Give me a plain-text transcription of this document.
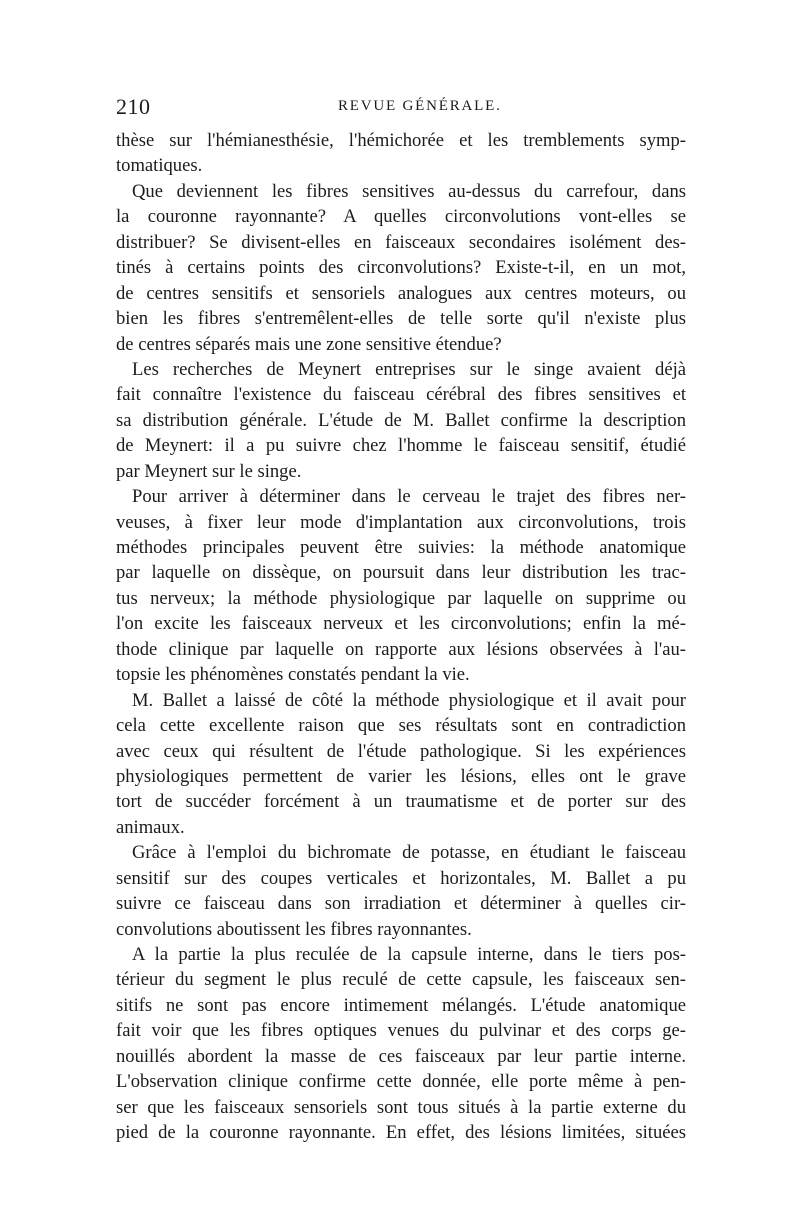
210	REVUE GÉNÉRALE.
thèse sur l'hémianesthésie, l'hémichorée et les tremblements symp-
tomatiques.
Que deviennent les fibres sensitives au-dessus du carrefour, dans
la couronne rayonnante? A quelles circonvolutions vont-elles se
distribuer? Se divisent-elles en faisceaux secondaires isolément des-
tinés à certains points des circonvolutions? Existe-t-il, en un mot,
de centres sensitifs et sensoriels analogues aux centres moteurs, ou
bien les fibres s'entremêlent-elles de telle sorte qu'il n'existe plus
de centres séparés mais une zone sensitive étendue?
Les recherches de Meynert entreprises sur le singe avaient déjà
fait connaître l'existence du faisceau cérébral des fibres sensitives et
sa distribution générale. L'étude de M. Ballet confirme la description
de Meynert: il a pu suivre chez l'homme le faisceau sensitif, étudié
par Meynert sur le singe.
Pour arriver à déterminer dans le cerveau le trajet des fibres ner-
veuses, à fixer leur mode d'implantation aux circonvolutions, trois
méthodes principales peuvent être suivies: la méthode anatomique
par laquelle on dissèque, on poursuit dans leur distribution les trac-
tus nerveux; la méthode physiologique par laquelle on supprime ou
l'on excite les faisceaux nerveux et les circonvolutions; enfin la mé-
thode clinique par laquelle on rapporte aux lésions observées à l'au-
topsie les phénomènes constatés pendant la vie.
M. Ballet a laissé de côté la méthode physiologique et il avait pour
cela cette excellente raison que ses résultats sont en contradiction
avec ceux qui résultent de l'étude pathologique. Si les expériences
physiologiques permettent de varier les lésions, elles ont le grave
tort de succéder forcément à un traumatisme et de porter sur des
animaux.
Grâce à l'emploi du bichromate de potasse, en étudiant le faisceau
sensitif sur des coupes verticales et horizontales, M. Ballet a pu
suivre ce faisceau dans son irradiation et déterminer à quelles cir-
convolutions aboutissent les fibres rayonnantes.
A la partie la plus reculée de la capsule interne, dans le tiers pos-
térieur du segment le plus reculé de cette capsule, les faisceaux sen-
sitifs ne sont pas encore intimement mélangés. L'étude anatomique
fait voir que les fibres optiques venues du pulvinar et des corps ge-
nouillés abordent la masse de ces faisceaux par leur partie interne.
L'observation clinique confirme cette donnée, elle porte même à pen-
ser que les faisceaux sensoriels sont tous situés à la partie externe du
pied de la couronne rayonnante. En effet, des lésions limitées, situées
